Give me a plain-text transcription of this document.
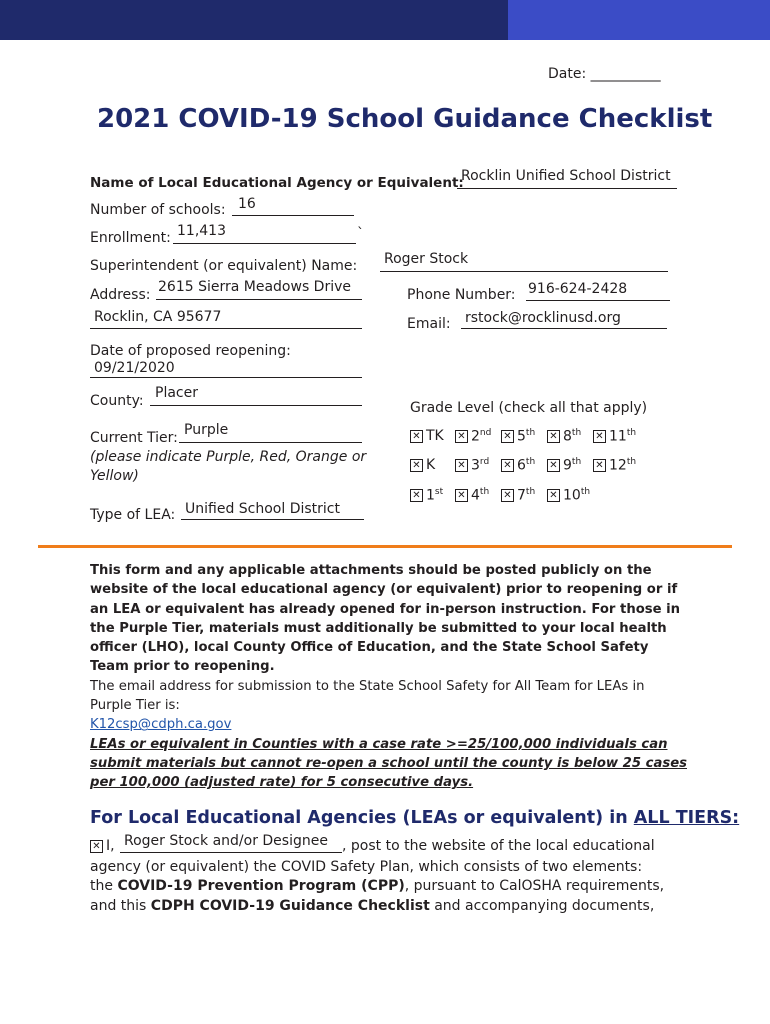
Date: __________
2021 COVID-19 School Guidance Checklist
Name of Local Educational Agency or Equivalent:
Rocklin Unified School District
Number of schools: 16
Enrollment: 11,413	`
Superintendent (or equivalent) Name: Roger Stock
Address: 2615 Sierra Meadows Drive
Rocklin, CA 95677
Phone Number: 916-624-2428
Email: rstock@rocklinusd.org
Date of proposed reopening:
09/21/2020
County: Placer
Current Tier: Purple
(please indicate Purple, Red, Orange or
Yellow)
Type of LEA: Unified School District
Grade Level (check all that apply)
✕ TK ✕ 2nd ✕ 5th ✕ 8th ✕ 11th
✕ K ✕ 3rd ✕ 6th ✕ 9th ✕ 12th
✕ 1st ✕ 4th ✕ 7th ✕ 10th
This form and any applicable attachments should be posted publicly on the website of the local educational agency (or equivalent) prior to reopening or if an LEA or equivalent has already opened for in-person instruction. For those in the Purple Tier, materials must additionally be submitted to your local health officer (LHO), local County Office of Education, and the State School Safety Team prior to reopening.
The email address for submission to the State School Safety for All Team for LEAs in Purple Tier is:
K12csp@cdph.ca.gov
LEAs or equivalent in Counties with a case rate >=25/100,000 individuals can submit materials but cannot re-open a school until the county is below 25 cases per 100,000 (adjusted rate) for 5 consecutive days.
For Local Educational Agencies (LEAs or equivalent) in ALL TIERS:
✕ I, Roger Stock and/or Designee , post to the website of the local educational
agency (or equivalent) the COVID Safety Plan, which consists of two elements:
the COVID-19 Prevention Program (CPP), pursuant to CalOSHA requirements,
and this CDPH COVID-19 Guidance Checklist and accompanying documents,
